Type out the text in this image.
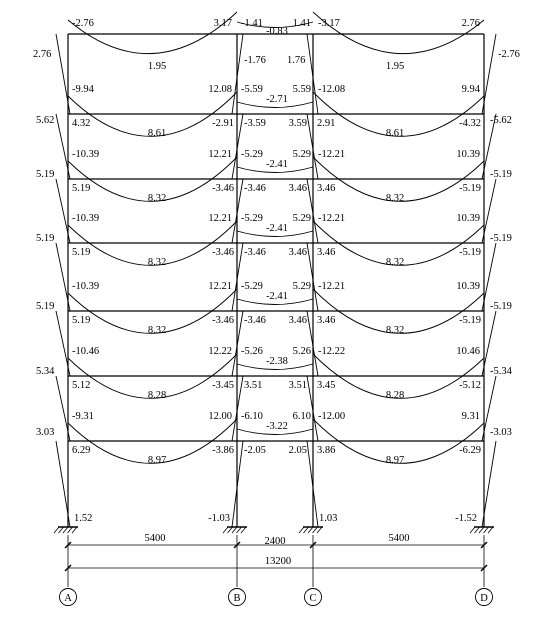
-2.76
1.95
3.17 -1.41
-0.83
1.41 -3.17
1.95
2.76
2.76
-1.76 1.76
-2.76
-9.94
8.61
12.08 -5.59
-2.71
5.59 -12.08
8.61
9.94
4.32	-2.91 -3.59 3.59 2.91	-4.32
5.62	-5.62
-10.39
8.32
12.21 -5.29
-2.41
5.29 -12.21
8.32
10.39
5.19	-3.46 -3.46 3.46 3.46	-5.19
5.19	-5.19
-10.39
8.32
12.21 -5.29
-2.41
5.29 -12.21
8.32
10.39
5.19	-3.46 -3.46 3.46 3.46	-5.19
5.19	-5.19
-10.39
8.32
12.21 -5.29
-2.41
5.29 -12.21
8.32
10.39
5.19	-3.46 -3.46 3.46 3.46	-5.19
5.19	-5.19
-10.46
8.28
12.22 -5.26
-2.38
5.26 -12.22
8.28
10.46
5.12	-3.45 3.51	3.51 3.45	-5.12
5.34	-5.34
-9.31
8.97
12.00 -6.10
-3.22
6.10 -12.00
8.97
9.31
6.29	-3.86 -2.05 2.05 3.86	-6.29
3.03	-3.03
1.52	-1.03	1.03	-1.52
5400	2400	5400
13200
A	B	C	D
